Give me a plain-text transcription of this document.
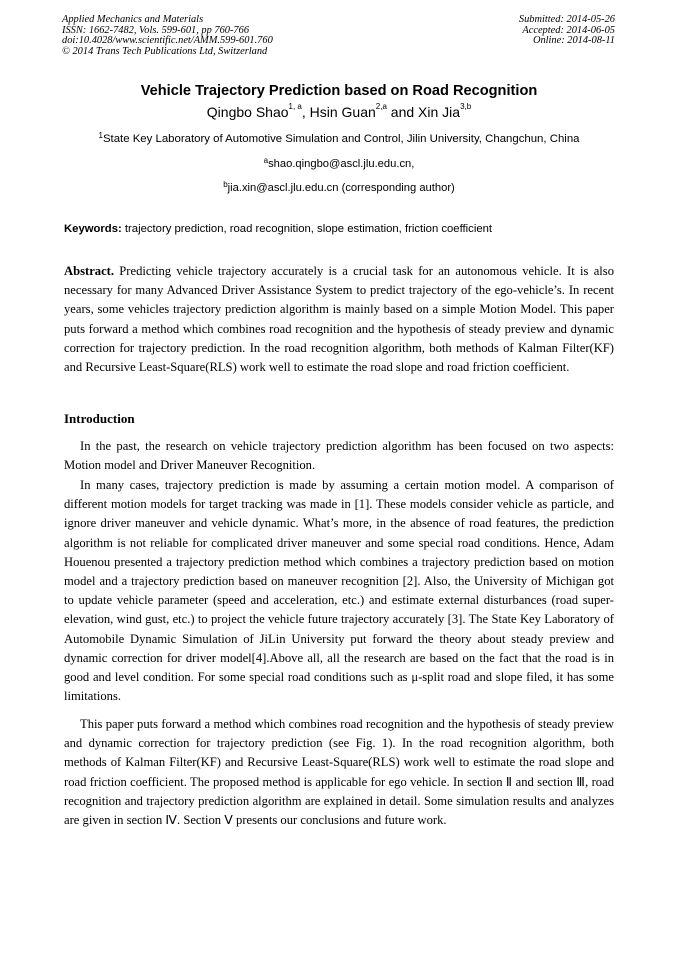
Applied Mechanics and Materials
ISSN: 1662-7482, Vols. 599-601, pp 760-766
doi:10.4028/www.scientific.net/AMM.599-601.760
© 2014 Trans Tech Publications Ltd, Switzerland
Submitted: 2014-05-26
Accepted: 2014-06-05
Online: 2014-08-11
Vehicle Trajectory Prediction based on Road Recognition
Qingbo Shao$^{1, a}$, Hsin Guan$^{2,a}$ and Xin Jia$^{3,b}$
$^1$State Key Laboratory of Automotive Simulation and Control, Jilin University, Changchun, China
$^a$shao.qingbo@ascl.jlu.edu.cn,
$^b$jia.xin@ascl.jlu.edu.cn (corresponding author)
Keywords: trajectory prediction, road recognition, slope estimation, friction coefficient

Abstract. Predicting vehicle trajectory accurately is a crucial task for an autonomous vehicle. It is also necessary for many Advanced Driver Assistance System to predict trajectory of the ego-vehicle’s. In recent years, some vehicles trajectory prediction algorithm is mainly based on a simple Motion Model. This paper puts forward a method which combines road recognition and the hypothesis of steady preview and dynamic correction for trajectory prediction. In the road recognition algorithm, both methods of Kalman Filter(KF) and Recursive Least-Square(RLS) work well to estimate the road slope and road friction coefficient.

Introduction

In the past, the research on vehicle trajectory prediction algorithm has been focused on two aspects: Motion model and Driver Maneuver Recognition.

In many cases, trajectory prediction is made by assuming a certain motion model. A comparison of different motion models for target tracking was made in [1]. These models consider vehicle as particle, and ignore driver maneuver and vehicle dynamic. What’s more, in the absence of road features, the prediction algorithm is not reliable for complicated driver maneuver and some special road conditions. Hence, Adam Houenou presented a trajectory prediction method which combines a trajectory prediction based on motion model and a trajectory prediction based on maneuver recognition [2]. Also, the University of Michigan got to update vehicle parameter (speed and acceleration, etc.) and estimate external disturbances (road super-elevation, wind gust, etc.) to project the vehicle future trajectory accurately [3]. The State Key Laboratory of Automobile Dynamic Simulation of JiLin University put forward the theory about steady preview and dynamic correction for driver model[4].Above all, all the research are based on the fact that the road is in good and level condition. For some special road conditions such as μ-split road and slope filed, it has some limitations.

This paper puts forward a method which combines road recognition and the hypothesis of steady preview and dynamic correction for trajectory prediction (see Fig. 1). In the road recognition algorithm, both methods of Kalman Filter(KF) and Recursive Least-Square(RLS) work well to estimate the road slope and road friction coefficient. The proposed method is applicable for ego vehicle. In section Ⅱ and section Ⅲ, road recognition and trajectory prediction algorithm are explained in detail. Some simulation results and analyzes are given in section Ⅳ. Section Ⅴ presents our conclusions and future work.
